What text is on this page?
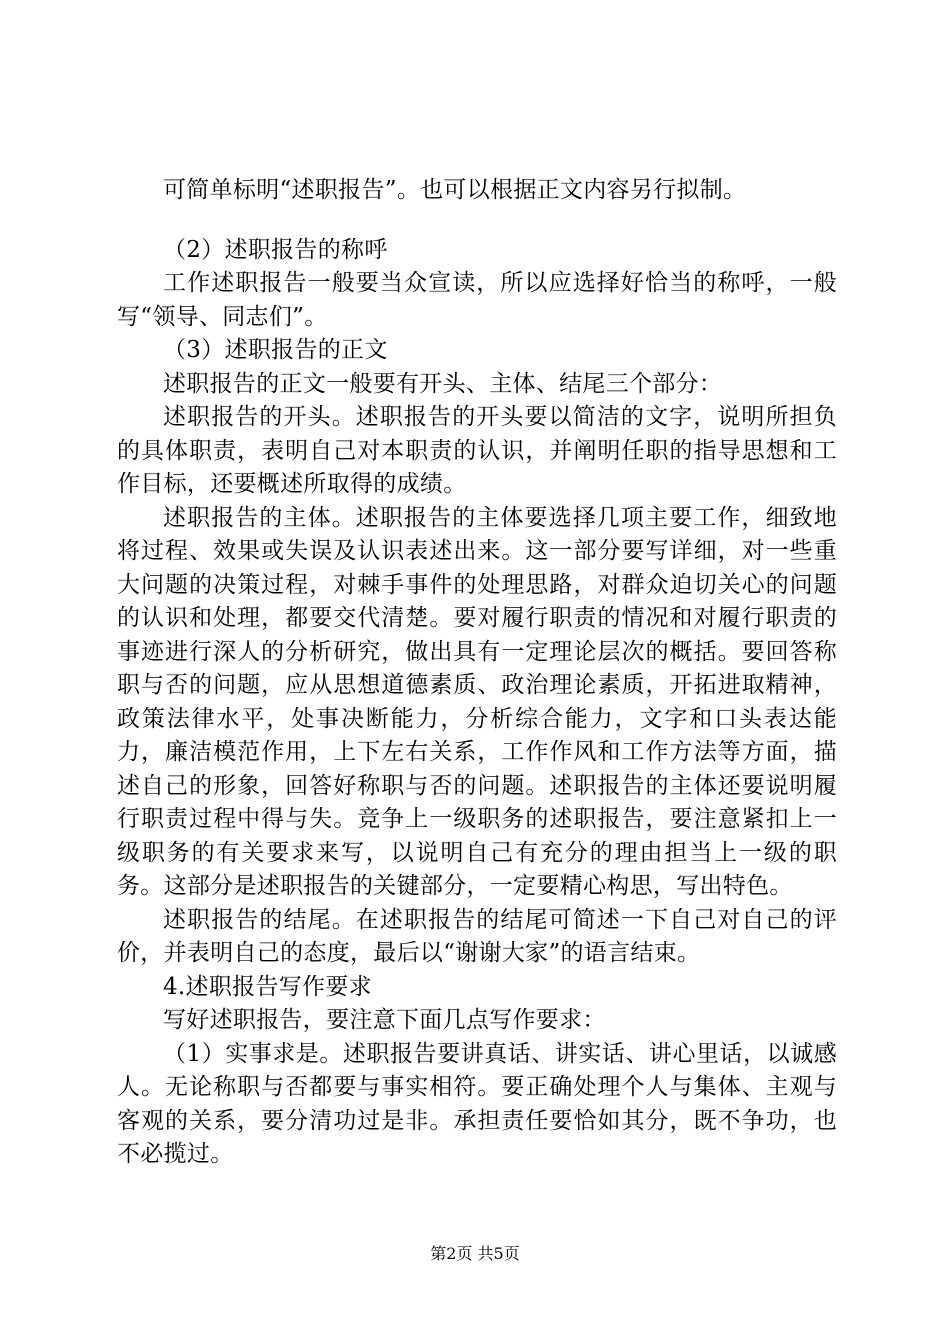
可简单标明“述职报告”。也可以根据正文内容另行拟制。

（2）述职报告的称呼

工作述职报告一般要当众宣读，所以应选择好恰当的称呼，一般写“领导、同志们”。

（3）述职报告的正文

述职报告的正文一般要有开头、主体、结尾三个部分：

述职报告的开头。述职报告的开头要以简洁的文字，说明所担负的具体职责，表明自己对本职责的认识，并阐明任职的指导思想和工作目标，还要概述所取得的成绩。

述职报告的主体。述职报告的主体要选择几项主要工作，细致地将过程、效果或失误及认识表述出来。这一部分要写详细，对一些重大问题的决策过程，对棘手事件的处理思路，对群众迫切关心的问题的认识和处理，都要交代清楚。要对履行职责的情况和对履行职责的事迹进行深人的分析研究，做出具有一定理论层次的概括。要回答称职与否的问题，应从思想道德素质、政治理论素质，开拓进取精神，政策法律水平，处事决断能力，分析综合能力，文字和口头表达能力，廉洁模范作用，上下左右关系，工作作风和工作方法等方面，描述自己的形象，回答好称职与否的问题。述职报告的主体还要说明履行职责过程中得与失。竞争上一级职务的述职报告，要注意紧扣上一级职务的有关要求来写，以说明自己有充分的理由担当上一级的职务。这部分是述职报告的关键部分，一定要精心构思，写出特色。

述职报告的结尾。在述职报告的结尾可简述一下自己对自己的评价，并表明自己的态度，最后以“谢谢大家”的语言结束。

4.述职报告写作要求

写好述职报告，要注意下面几点写作要求：

（1）实事求是。述职报告要讲真话、讲实话、讲心里话，以诚感人。无论称职与否都要与事实相符。要正确处理个人与集体、主观与客观的关系，要分清功过是非。承担责任要恰如其分，既不争功，也不必揽过。

第2页 共5页
